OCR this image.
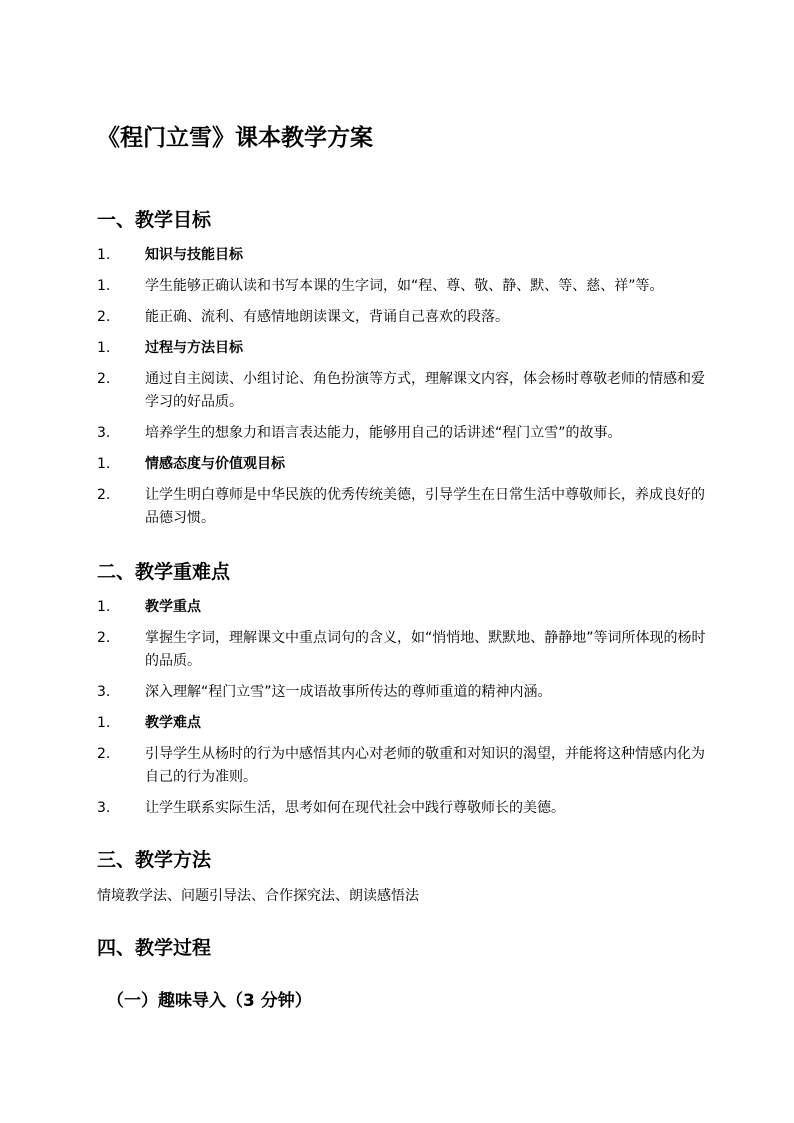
《程门立雪》课本教学方案
一、教学目标
1. 知识与技能目标
1. 学生能够正确认读和书写本课的生字词，如“程、尊、敬、静、默、等、慈、祥”等。
2. 能正确、流利、有感情地朗读课文，背诵自己喜欢的段落。
1. 过程与方法目标
2. 通过自主阅读、小组讨论、角色扮演等方式，理解课文内容，体会杨时尊敬老师的情感和爱学习的好品质。
3. 培养学生的想象力和语言表达能力，能够用自己的话讲述“程门立雪”的故事。
1. 情感态度与价值观目标
2. 让学生明白尊师是中华民族的优秀传统美德，引导学生在日常生活中尊敬师长，养成良好的品德习惯。
二、教学重难点
1. 教学重点
2. 掌握生字词，理解课文中重点词句的含义，如“悄悄地、默默地、静静地”等词所体现的杨时的品质。
3. 深入理解“程门立雪”这一成语故事所传达的尊师重道的精神内涵。
1. 教学难点
2. 引导学生从杨时的行为中感悟其内心对老师的敬重和对知识的渴望，并能将这种情感内化为自己的行为准则。
3. 让学生联系实际生活，思考如何在现代社会中践行尊敬师长的美德。
三、教学方法

情境教学法、问题引导法、合作探究法、朗读感悟法

四、教学过程
（一）趣味导入（3 分钟）
